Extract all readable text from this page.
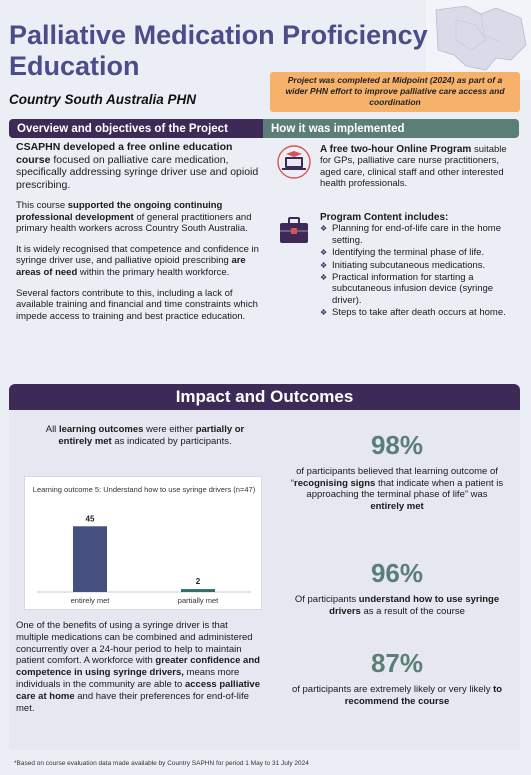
Palliative Medication Proficiency Education
Country South Australia PHN
Project was completed at Midpoint (2024) as part of a wider PHN effort to improve palliative care access and coordination
Overview and objectives of the Project	How it was implemented

CSAPHN developed a free online education course focused on palliative care medication, specifically addressing syringe driver use and opioid prescribing.

This course supported the ongoing continuing professional development of general practitioners and primary health workers across Country South Australia.

It is widely recognised that competence and confidence in syringe driver use, and palliative opioid prescribing are areas of need within the primary health workforce.

Several factors contribute to this, including a lack of available training and financial and time constraints which impede access to training and best practice education.

A free two-hour Online Program suitable for GPs, palliative care nurse practitioners, aged care, clinical staff and other interested health professionals.
Program Content includes:
❖ Planning for end-of-life care in the home setting.
❖ Identifying the terminal phase of life.
❖ Initiating subcutaneous medications.
❖ Practical information for starting a subcutaneous infusion device (syringe driver).
❖ Steps to take after death occurs at home.
Impact and Outcomes
All learning outcomes were either partially or entirely met as indicated by participants.
45
entirely met
2
partially met
Learning outcome 5: Understand how to use syringe drivers (n=47)
One of the benefits of using a syringe driver is that multiple medications can be combined and administered concurrently over a 24-hour period to help to maintain patient comfort. A workforce with greater confidence and competence in using syringe drivers, means more individuals in the community are able to access palliative care at home and have their preferences for end-of-life met.
98%
of participants believed that learning outcome of “recognising signs that indicate when a patient is approaching the terminal phase of life” was entirely met
96%
Of participants understand how to use syringe drivers as a result of the course
87%
of participants are extremely likely or very likely to recommend the course
*Based on course evaluation data made available by Country SAPHN for period 1 May to 31 July 2024
